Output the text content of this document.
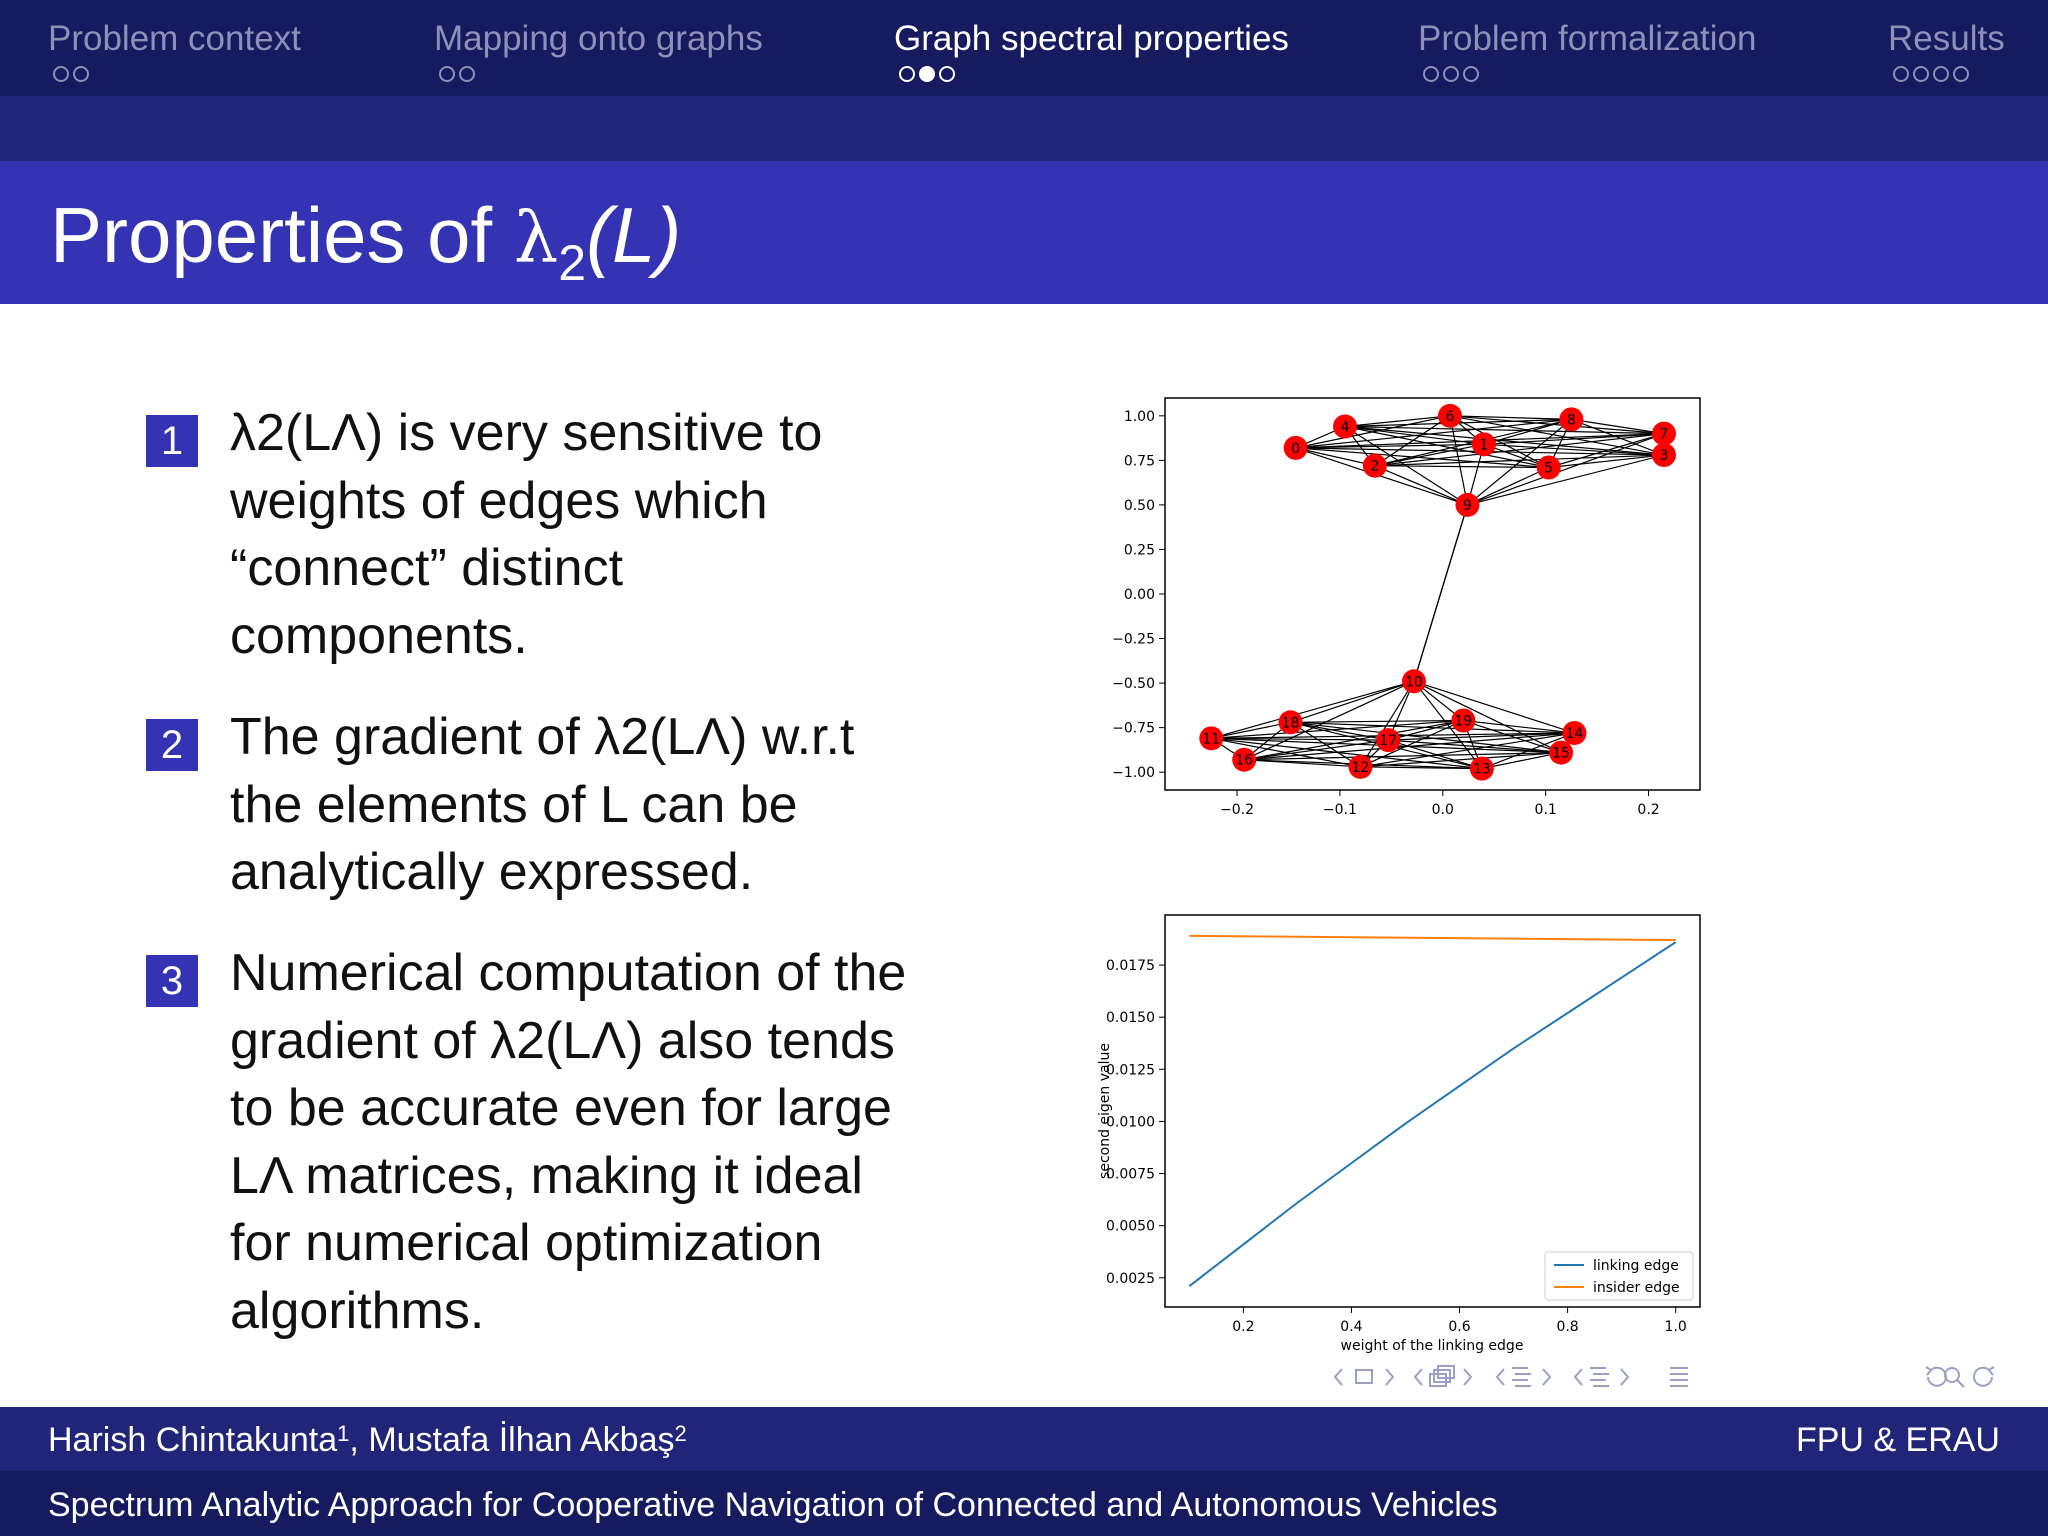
Problem context	Mapping onto graphs	Graph spectral properties	Problem formalization	Results
Properties of $\lambda_2(L)$
1 λ2(LΛ) is very sensitive to
weights of edges which
“connect” distinct
components.
2 The gradient of λ2(LΛ) w.r.t
the elements of L can be
analytically expressed.
3 Numerical computation of the
gradient of λ2(LΛ) also tends
to be accurate even for large
LΛ matrices, making it ideal
for numerical optimization
algorithms.
0	1
2
3
4
5
6
7
8
9
10
11
12	13
14
15
16
17
18	19
−0.2	−0.1	0.0	0.1	0.2
1.00
0.75
0.50
0.25
0.00
−0.25
−0.50
−0.75
−1.00
0.2	0.4	0.6	0.8	1.0
0.0175
0.0150
0.0125
0.0100
0.0075
0.0050
0.0025
second eigen value
weight of the linking edge
linking edge
insider edge
Harish Chintakunta$^1$, Mustafa İlhan Akbaş$^2$	FPU & ERAU
Spectrum Analytic Approach for Cooperative Navigation of Connected and Autonomous Vehicles
